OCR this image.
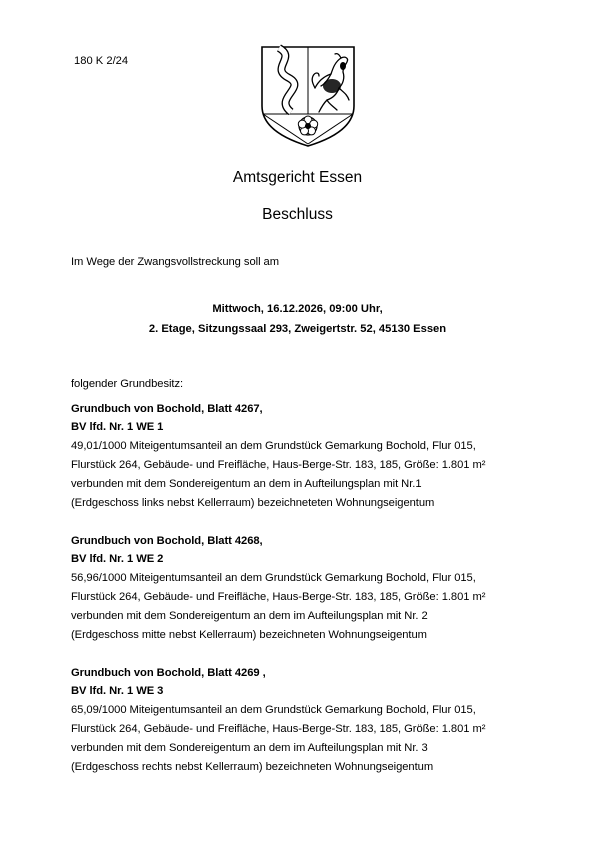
180 K 2/24
Amtsgericht Essen
Beschluss
Im Wege der Zwangsvollstreckung soll am
Mittwoch, 16.12.2026, 09:00 Uhr,
2. Etage, Sitzungssaal 293, Zweigertstr. 52, 45130 Essen
folgender Grundbesitz:
Grundbuch von Bochold, Blatt 4267,
BV lfd. Nr. 1 WE 1
49,01/1000 Miteigentumsanteil an dem Grundstück Gemarkung Bochold, Flur 015,
Flurstück 264, Gebäude- und Freifläche, Haus-Berge-Str. 183, 185, Größe: 1.801 m²
verbunden mit dem Sondereigentum an dem in Aufteilungsplan mit Nr.1
(Erdgeschoss links nebst Kellerraum) bezeichneteten Wohnungseigentum
Grundbuch von Bochold, Blatt 4268,
BV lfd. Nr. 1 WE 2
56,96/1000 Miteigentumsanteil an dem Grundstück Gemarkung Bochold, Flur 015,
Flurstück 264, Gebäude- und Freifläche, Haus-Berge-Str. 183, 185, Größe: 1.801 m²
verbunden mit dem Sondereigentum an dem im Aufteilungsplan mit Nr. 2
(Erdgeschoss mitte nebst Kellerraum) bezeichneten Wohnungseigentum
Grundbuch von Bochold, Blatt 4269 ,
BV lfd. Nr. 1 WE 3
65,09/1000 Miteigentumsanteil an dem Grundstück Gemarkung Bochold, Flur 015,
Flurstück 264, Gebäude- und Freifläche, Haus-Berge-Str. 183, 185, Größe: 1.801 m²
verbunden mit dem Sondereigentum an dem im Aufteilungsplan mit Nr. 3
(Erdgeschoss rechts nebst Kellerraum) bezeichneten Wohnungseigentum
